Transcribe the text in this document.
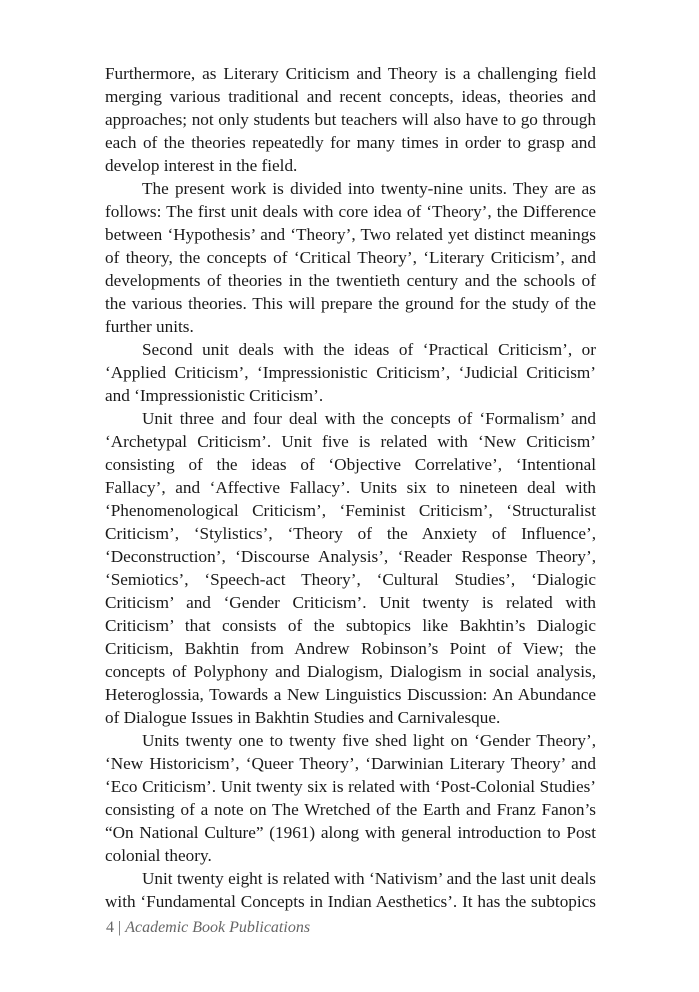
Furthermore, as Literary Criticism and Theory is a challenging field
merging various traditional and recent concepts, ideas, theories and
approaches; not only students but teachers will also have to go through
each of the theories repeatedly for many times in order to grasp and
develop interest in the field.
The present work is divided into twenty-nine units. They are as
follows: The first unit deals with core idea of ‘Theory’, the Difference
between ‘Hypothesis’ and ‘Theory’, Two related yet distinct meanings
of theory, the concepts of ‘Critical Theory’, ‘Literary Criticism’, and
developments of theories in the twentieth century and the schools of
the various theories. This will prepare the ground for the study of the
further units.
Second unit deals with the ideas of ‘Practical Criticism’, or
‘Applied Criticism’, ‘Impressionistic Criticism’, ‘Judicial Criticism’
and ‘Impressionistic Criticism’.
Unit three and four deal with the concepts of ‘Formalism’ and
‘Archetypal Criticism’. Unit five is related with ‘New Criticism’
consisting of the ideas of ‘Objective Correlative’, ‘Intentional
Fallacy’, and ‘Affective Fallacy’. Units six to nineteen deal with
‘Phenomenological Criticism’, ‘Feminist Criticism’, ‘Structuralist
Criticism’, ‘Stylistics’, ‘Theory of the Anxiety of Influence’,
‘Deconstruction’, ‘Discourse Analysis’, ‘Reader Response Theory’,
‘Semiotics’, ‘Speech-act Theory’, ‘Cultural Studies’, ‘Dialogic
Criticism’ and ‘Gender Criticism’. Unit twenty is related with
Criticism’ that consists of the subtopics like Bakhtin’s Dialogic
Criticism, Bakhtin from Andrew Robinson’s Point of View; the
concepts of Polyphony and Dialogism, Dialogism in social analysis,
Heteroglossia, Towards a New Linguistics Discussion: An Abundance
of Dialogue Issues in Bakhtin Studies and Carnivalesque.
Units twenty one to twenty five shed light on ‘Gender Theory’,
‘New Historicism’, ‘Queer Theory’, ‘Darwinian Literary Theory’ and
‘Eco Criticism’. Unit twenty six is related with ‘Post-Colonial Studies’
consisting of a note on The Wretched of the Earth and Franz Fanon’s
“On National Culture” (1961) along with general introduction to Post
colonial theory.
Unit twenty eight is related with ‘Nativism’ and the last unit deals
with ‘Fundamental Concepts in Indian Aesthetics’. It has the subtopics
4 | Academic Book Publications
